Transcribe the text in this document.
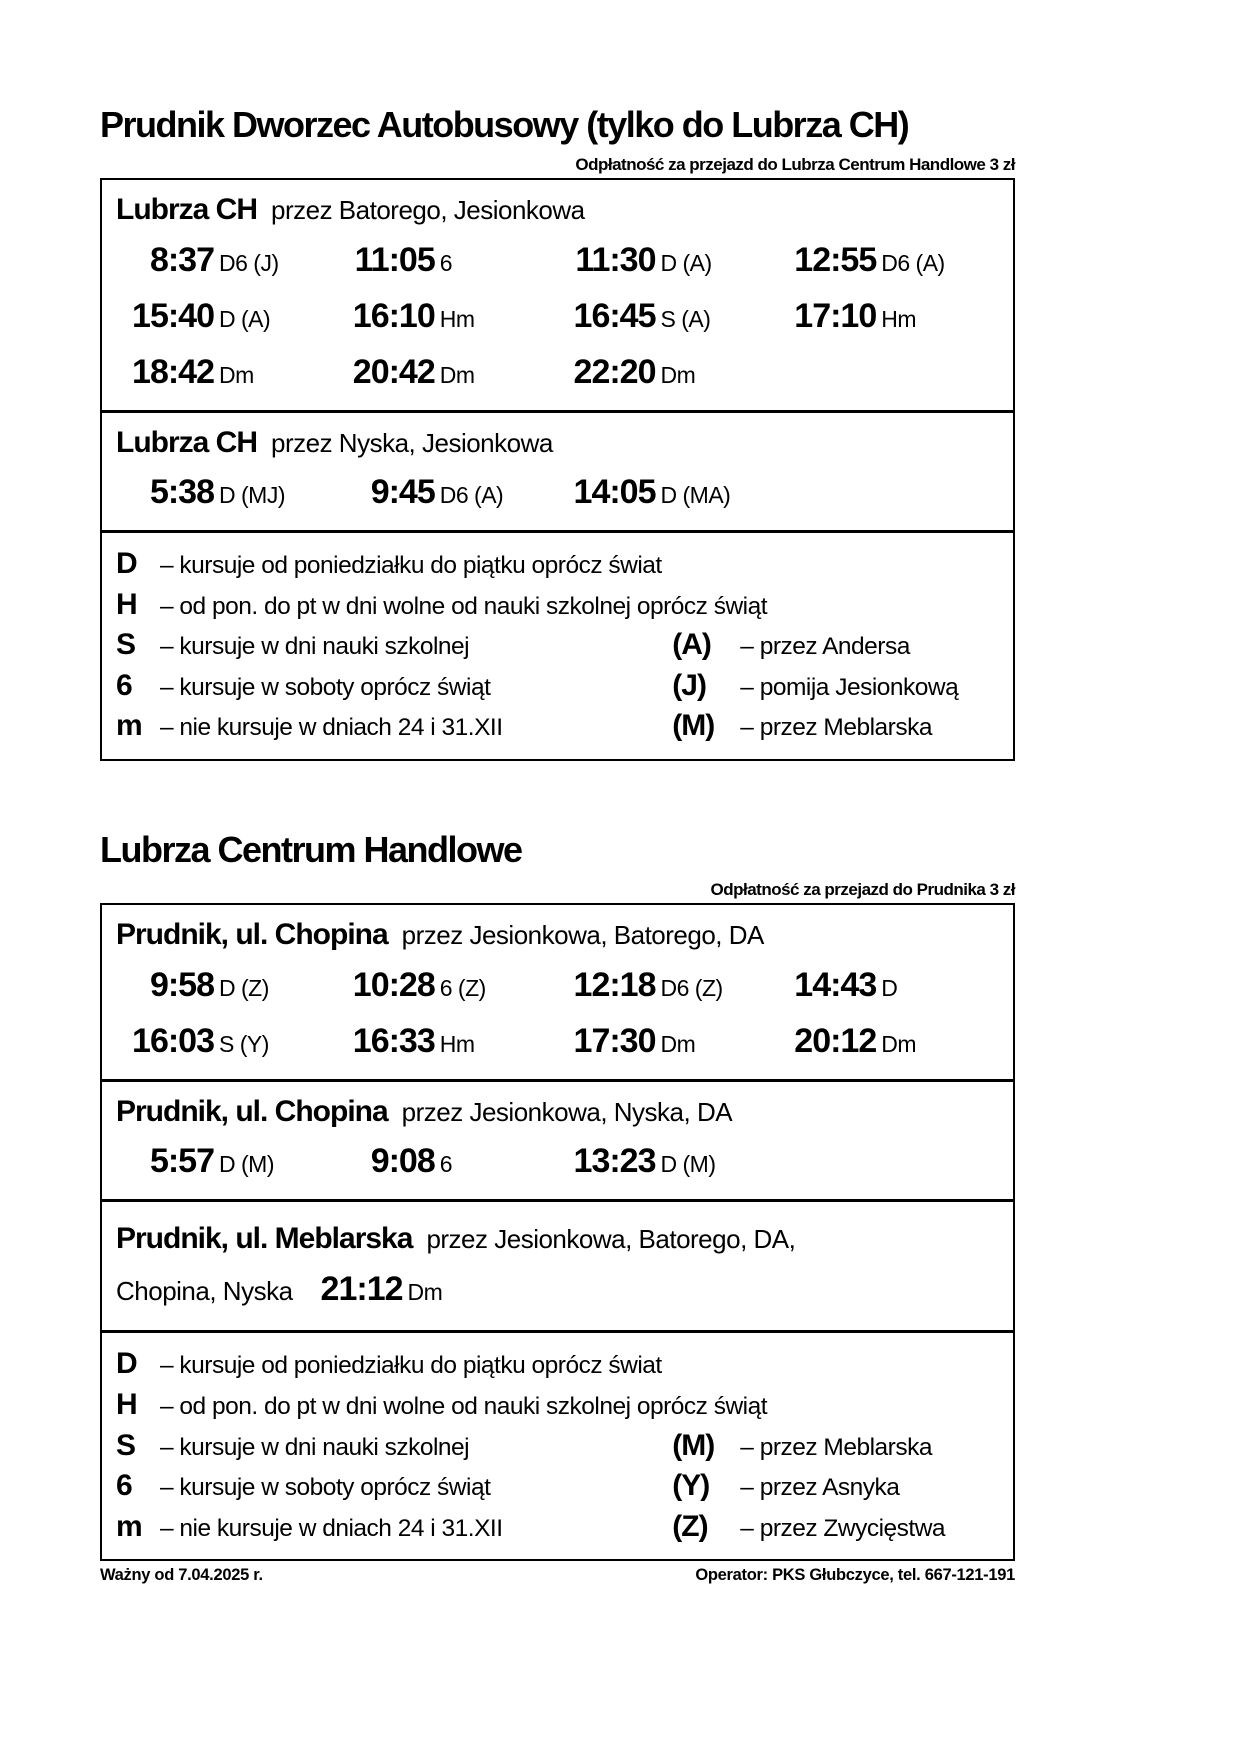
Prudnik Dworzec Autobusowy (tylko do Lubrza CH)
Odpłatność za przejazd do Lubrza Centrum Handlowe 3 zł
Lubrza CH przez Batorego, Jesionkowa
8:37 D6 (J)	11:05 6	11:30 D (A)	12:55 D6 (A)
15:40 D (A)	16:10 Hm	16:45 S (A)	17:10 Hm
18:42 Dm	20:42 Dm	22:20 Dm
Lubrza CH przez Nyska, Jesionkowa
5:38 D (MJ)	9:45 D6 (A)	14:05 D (MA)
D – kursuje od poniedziałku do piątku oprócz świat
H – od pon. do pt w dni wolne od nauki szkolnej oprócz świąt
S	– kursuje w dni nauki szkolnej	(A)	– przez Andersa
6	– kursuje w soboty oprócz świąt	(J)	– pomija Jesionkową
m – nie kursuje w dniach 24 i 31.XII	(M)	– przez Meblarska
Lubrza Centrum Handlowe
Odpłatność za przejazd do Prudnika 3 zł
Prudnik, ul. Chopina przez Jesionkowa, Batorego, DA
9:58 D (Z)	10:28 6 (Z)	12:18 D6 (Z)	14:43 D
16:03 S (Y)	16:33 Hm	17:30 Dm	20:12 Dm
Prudnik, ul. Chopina przez Jesionkowa, Nyska, DA
5:57 D (M)	9:08 6	13:23 D (M)
Prudnik, ul. Meblarska przez Jesionkowa, Batorego, DA,
Chopina, Nyska 21:12 Dm
D – kursuje od poniedziałku do piątku oprócz świat
H – od pon. do pt w dni wolne od nauki szkolnej oprócz świąt
S	– kursuje w dni nauki szkolnej	(M)	– przez Meblarska
6	– kursuje w soboty oprócz świąt	(Y)	– przez Asnyka
m – nie kursuje w dniach 24 i 31.XII	(Z)	– przez Zwycięstwa
Ważny od 7.04.2025 r.	Operator: PKS Głubczyce, tel. 667-121-191
